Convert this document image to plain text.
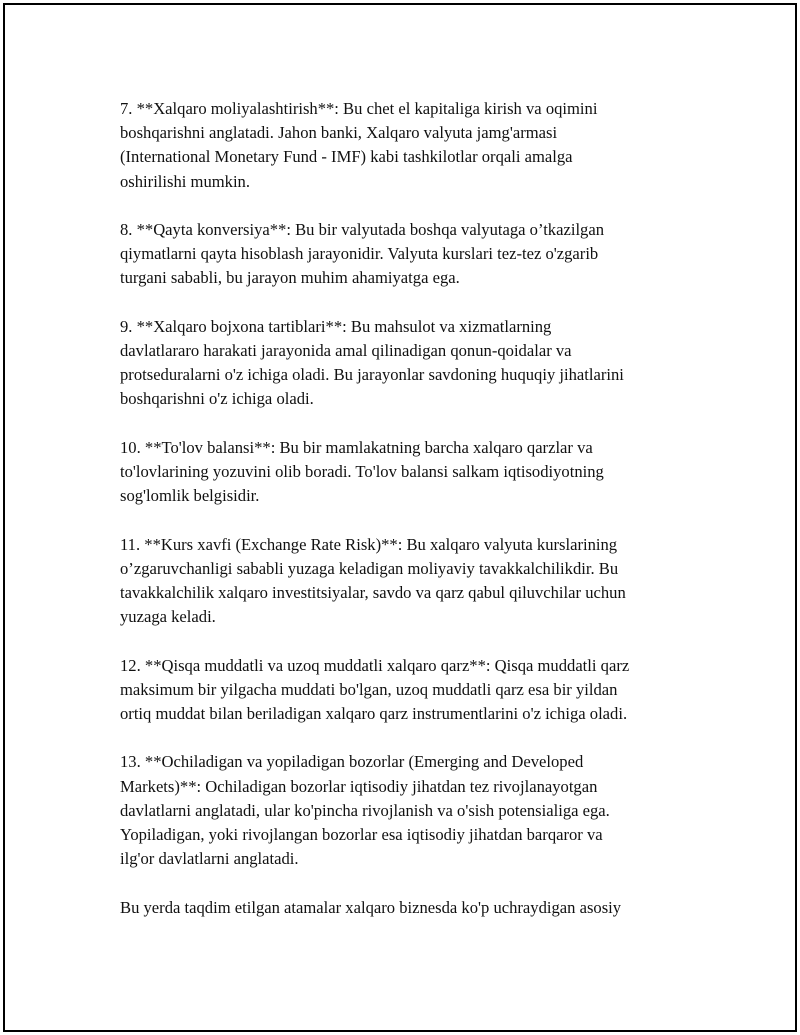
7. **Xalqaro moliyalashtirish**: Bu chet el kapitaliga kirish va oqimini
boshqarishni anglatadi. Jahon banki, Xalqaro valyuta jamg'armasi
(International Monetary Fund - IMF) kabi tashkilotlar orqali amalga
oshirilishi mumkin.

8. **Qayta konversiya**: Bu bir valyutada boshqa valyutaga o’tkazilgan
qiymatlarni qayta hisoblash jarayonidir. Valyuta kurslari tez-tez o'zgarib
turgani sababli, bu jarayon muhim ahamiyatga ega.

9. **Xalqaro bojxona tartiblari**: Bu mahsulot va xizmatlarning
davlatlararo harakati jarayonida amal qilinadigan qonun-qoidalar va
protseduralarni o'z ichiga oladi. Bu jarayonlar savdoning huquqiy jihatlarini
boshqarishni o'z ichiga oladi.

10. **To'lov balansi**: Bu bir mamlakatning barcha xalqaro qarzlar va
to'lovlarining yozuvini olib boradi. To'lov balansi salkam iqtisodiyotning
sog'lomlik belgisidir.

11. **Kurs xavfi (Exchange Rate Risk)**: Bu xalqaro valyuta kurslarining
o’zgaruvchanligi sababli yuzaga keladigan moliyaviy tavakkalchilikdir. Bu
tavakkalchilik xalqaro investitsiyalar, savdo va qarz qabul qiluvchilar uchun
yuzaga keladi.

12. **Qisqa muddatli va uzoq muddatli xalqaro qarz**: Qisqa muddatli qarz
maksimum bir yilgacha muddati bo'lgan, uzoq muddatli qarz esa bir yildan
ortiq muddat bilan beriladigan xalqaro qarz instrumentlarini o'z ichiga oladi.

13. **Ochiladigan va yopiladigan bozorlar (Emerging and Developed
Markets)**: Ochiladigan bozorlar iqtisodiy jihatdan tez rivojlanayotgan
davlatlarni anglatadi, ular ko'pincha rivojlanish va o'sish potensialiga ega.
Yopiladigan, yoki rivojlangan bozorlar esa iqtisodiy jihatdan barqaror va
ilg'or davlatlarni anglatadi.

Bu yerda taqdim etilgan atamalar xalqaro biznesda ko'p uchraydigan asosiy
